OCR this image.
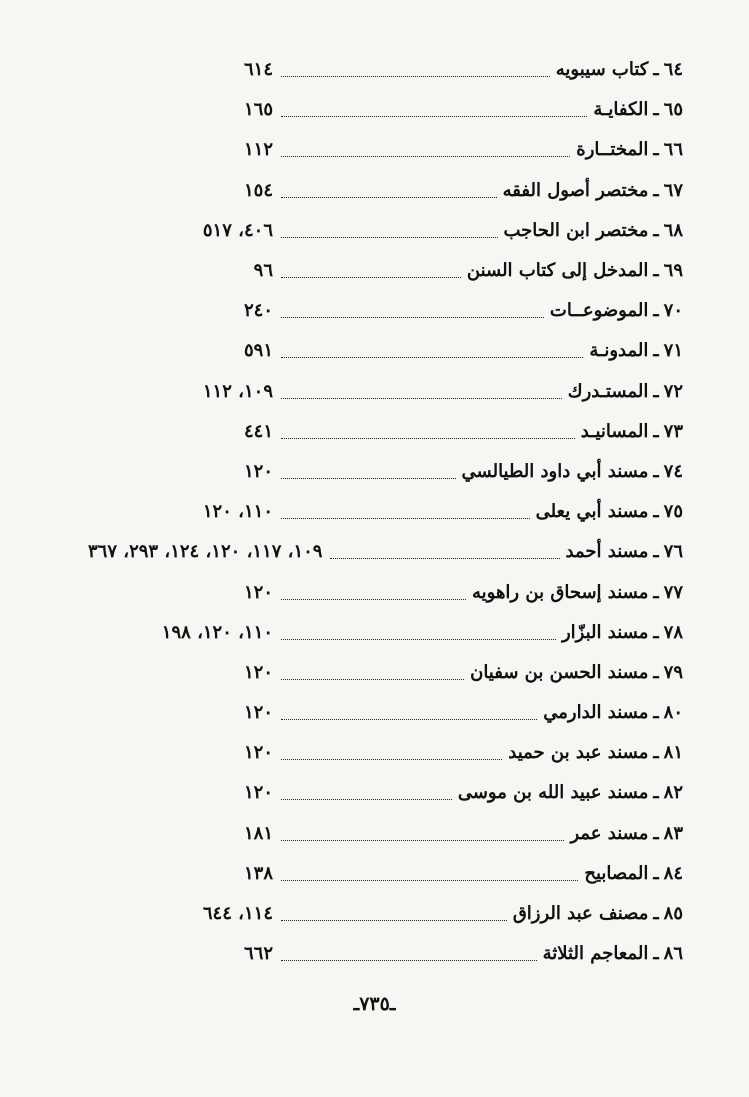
٦٤
ـ
كتاب سيبويه
٦١٤
٦٥
ـ
الكفايـة
١٦٥
٦٦
ـ
المختــارة
١١٢
٦٧
ـ
مختصر أصول الفقه
١٥٤
٦٨
ـ
مختصر ابن الحاجب
٤٠٦، ٥١٧
٦٩
ـ
المدخل إلى كتاب السنن
٩٦
٧٠
ـ
الموضوعــات
٢٤٠
٧١
ـ
المدونـة
٥٩١
٧٢
ـ
المستـدرك
١٠٩، ١١٢
٧٣
ـ
المسانيـد
٤٤١
٧٤
ـ
مسند أبي داود الطيالسي
١٢٠
٧٥
ـ
مسند أبي يعلى
١١٠، ١٢٠
٧٦
ـ
مسند أحمد
١٠٩، ١١٧، ١٢٠، ١٢٤، ٢٩٣، ٣٦٧
٧٧
ـ
مسند إسحاق بن راهويه
١٢٠
٧٨
ـ
مسند البزّار
١١٠، ١٢٠، ١٩٨
٧٩
ـ
مسند الحسن بن سفيان
١٢٠
٨٠
ـ
مسند الدارمي
١٢٠
٨١
ـ
مسند عبد بن حميد
١٢٠
٨٢
ـ
مسند عبيد الله بن موسى
١٢٠
٨٣
ـ
مسند عمر
١٨١
٨٤
ـ
المصابيح
١٣٨
٨٥
ـ
مصنف عبد الرزاق
١١٤، ٦٤٤
٨٦
ـ
المعاجم الثلاثة
٦٦٢
ـ٧٣٥ـ
